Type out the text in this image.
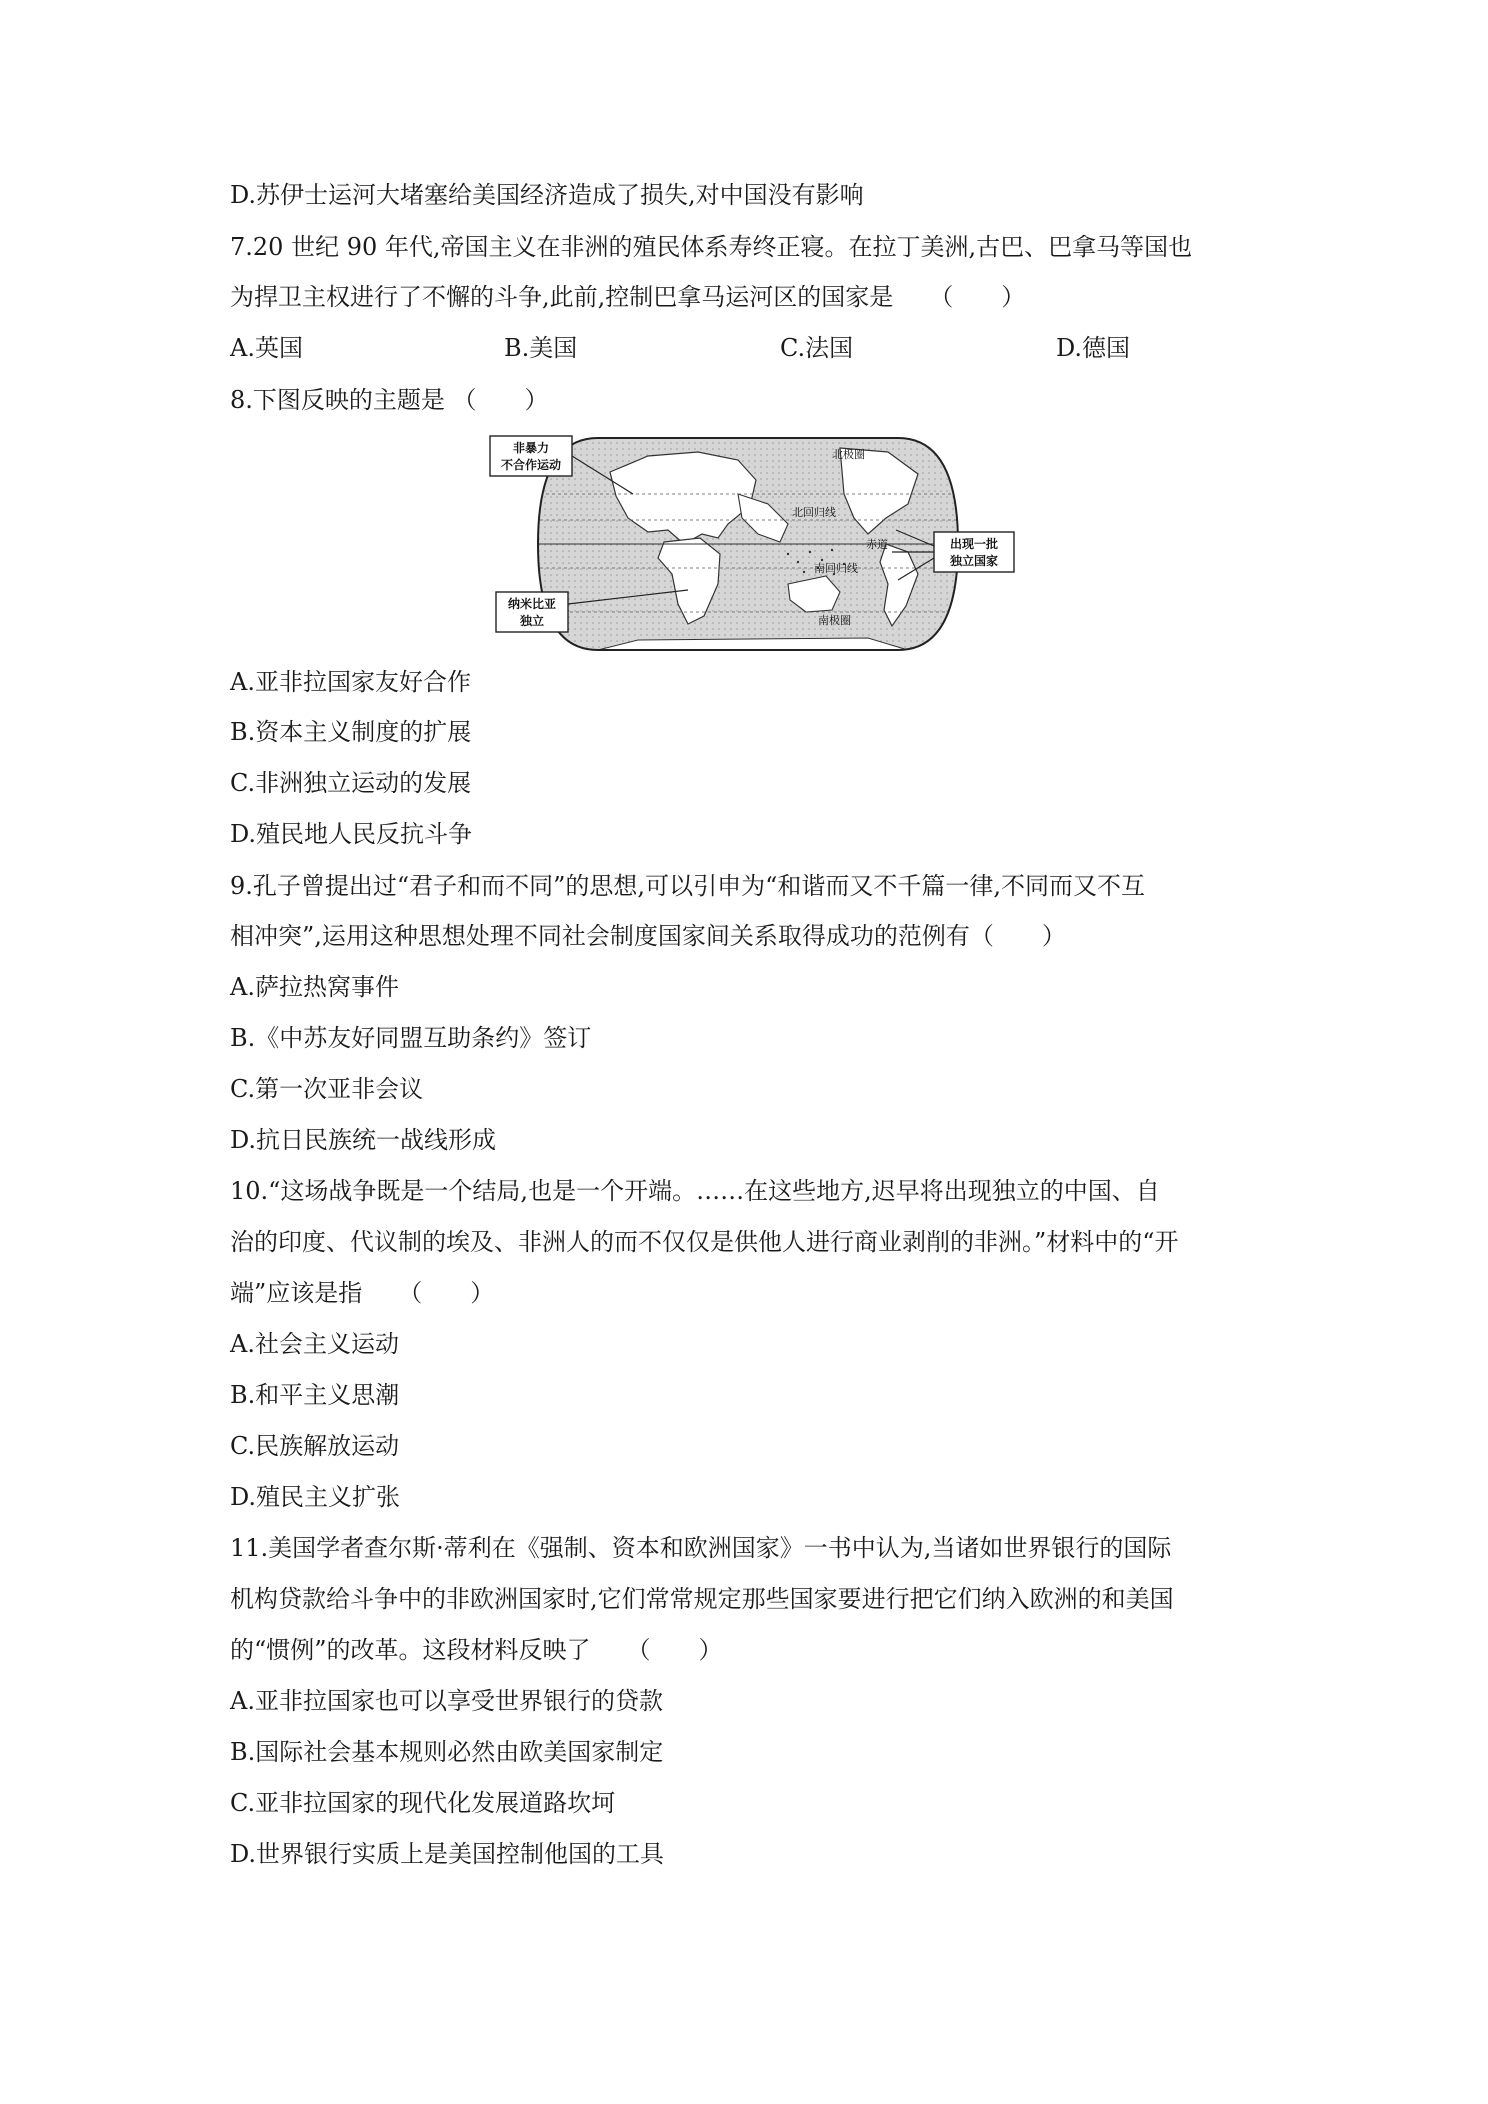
D.苏伊士运河大堵塞给美国经济造成了损失,对中国没有影响
7.20 世纪 90 年代,帝国主义在非洲的殖民体系寿终正寝。在拉丁美洲,古巴、巴拿马等国也
为捍卫主权进行了不懈的斗争,此前,控制巴拿马运河区的国家是　　（　　）
A.英国	B.美国	C.法国	D.德国
8.下图反映的主题是 （　　）
北极圈
北回归线
赤道
南回归线
南极圈
非暴力
不合作运动
纳米比亚
独立
出现一批
独立国家
A.亚非拉国家友好合作
B.资本主义制度的扩展
C.非洲独立运动的发展
D.殖民地人民反抗斗争
9.孔子曾提出过“君子和而不同”的思想,可以引申为“和谐而又不千篇一律,不同而又不互
相冲突”,运用这种思想处理不同社会制度国家间关系取得成功的范例有（　　）
A.萨拉热窝事件
B.《中苏友好同盟互助条约》签订
C.第一次亚非会议
D.抗日民族统一战线形成
10.“这场战争既是一个结局,也是一个开端。……在这些地方,迟早将出现独立的中国、自
治的印度、代议制的埃及、非洲人的而不仅仅是供他人进行商业剥削的非洲。”材料中的“开
端”应该是指　　（　　）
A.社会主义运动
B.和平主义思潮
C.民族解放运动
D.殖民主义扩张
11.美国学者查尔斯·蒂利在《强制、资本和欧洲国家》一书中认为,当诸如世界银行的国际
机构贷款给斗争中的非欧洲国家时,它们常常规定那些国家要进行把它们纳入欧洲的和美国
的“惯例”的改革。这段材料反映了　　（　　）
A.亚非拉国家也可以享受世界银行的贷款
B.国际社会基本规则必然由欧美国家制定
C.亚非拉国家的现代化发展道路坎坷
D.世界银行实质上是美国控制他国的工具
